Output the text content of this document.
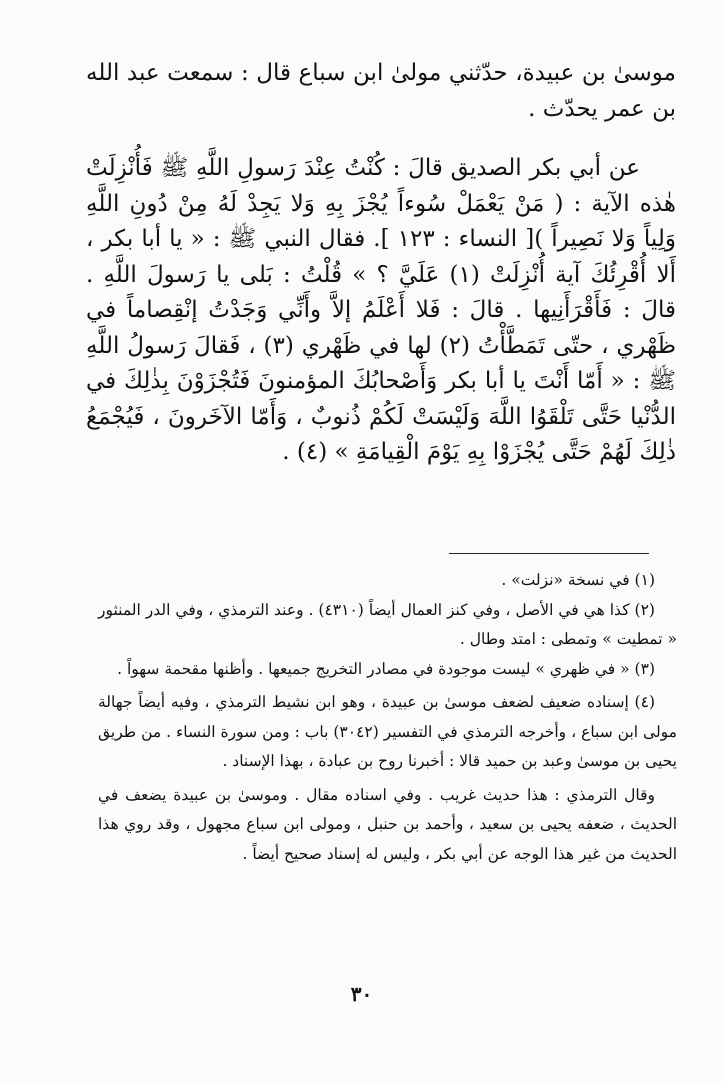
موسىٰ بن عبيدة، حدّثني مولىٰ ابن سباع قال : سمعت عبد الله بن عمر يحدّث .

عن أبي بكر الصديق قالَ : كُنْتُ عِنْدَ رَسولِ اللَّهِ ﷺ فَأُنْزِلَتْ هٰذه الآية : ( مَنْ يَعْمَلْ سُوءاً يُجْزَ بِهِ وَلا يَجِدْ لَهُ مِنْ دُونِ اللَّهِ وَلِياً وَلا نَصِيراً )[ النساء : ١٢٣ ]. فقال النبي ﷺ : « يا أبا بكر ، أَلا أُقْرِئُكَ آية أُنْزِلَتْ (١) عَلَيَّ ؟ » قُلْتُ : بَلى يا رَسولَ اللَّهِ . قالَ : فَأَقْرَأَنِيها . قالَ : فَلا أَعْلَمُ إلاَّ وأَنِّي وَجَدْتُ إنْقِصاماً في ظَهْري ، حتّى تَمَطَّأْتُ (٢) لها في ظَهْري (٣) ، فَقالَ رَسولُ اللَّهِ ﷺ : « أَمّا أَنْتَ يا أبا بكر وَأَصْحابُكَ المؤمنونَ فَتُجْزَوْنَ بِذٰلِكَ في الدُّنْيا حَتَّى تَلْقَوُا اللَّهَ وَلَيْسَتْ لَكُمْ ذُنوبٌ ، وَأَمّا الآخَرونَ ، فَيُجْمَعُ ذٰلِكَ لَهُمْ حَتَّى يُجْزَوْا بِهِ يَوْمَ الْقِيامَةِ » (٤) .

(١) في نسخة «نزلت» .

(٢) كذا هي في الأصل ، وفي كنز العمال أيضاً (٤٣١٠) . وعند الترمذي ، وفي الدر المنثور « تمطيت » وتمطى : امتد وطال .

(٣) « في ظهري » ليست موجودة في مصادر التخريج جميعها . وأظنها مقحمة سهواً .

(٤) إسناده ضعيف لضعف موسىٰ بن عبيدة ، وهو ابن نشيط الترمذي ، وفيه أيضاً جهالة مولى ابن سباع ، وأخرجه الترمذي في التفسير (٣٠٤٢) باب : ومن سورة النساء . من طريق يحيى بن موسىٰ وعبد بن حميد قالا : أخبرنا روح بن عبادة ، بهذا الإسناد .

وقال الترمذي : هذا حديث غريب . وفي اسناده مقال . وموسىٰ بن عبيدة يضعف في الحديث ، ضعفه يحيى بن سعيد ، وأحمد بن حنبل ، ومولى ابن سباع مجهول ، وقد روي هذا الحديث من غير هذا الوجه عن أبي بكر ، وليس له إسناد صحيح أيضاً .

٣٠
